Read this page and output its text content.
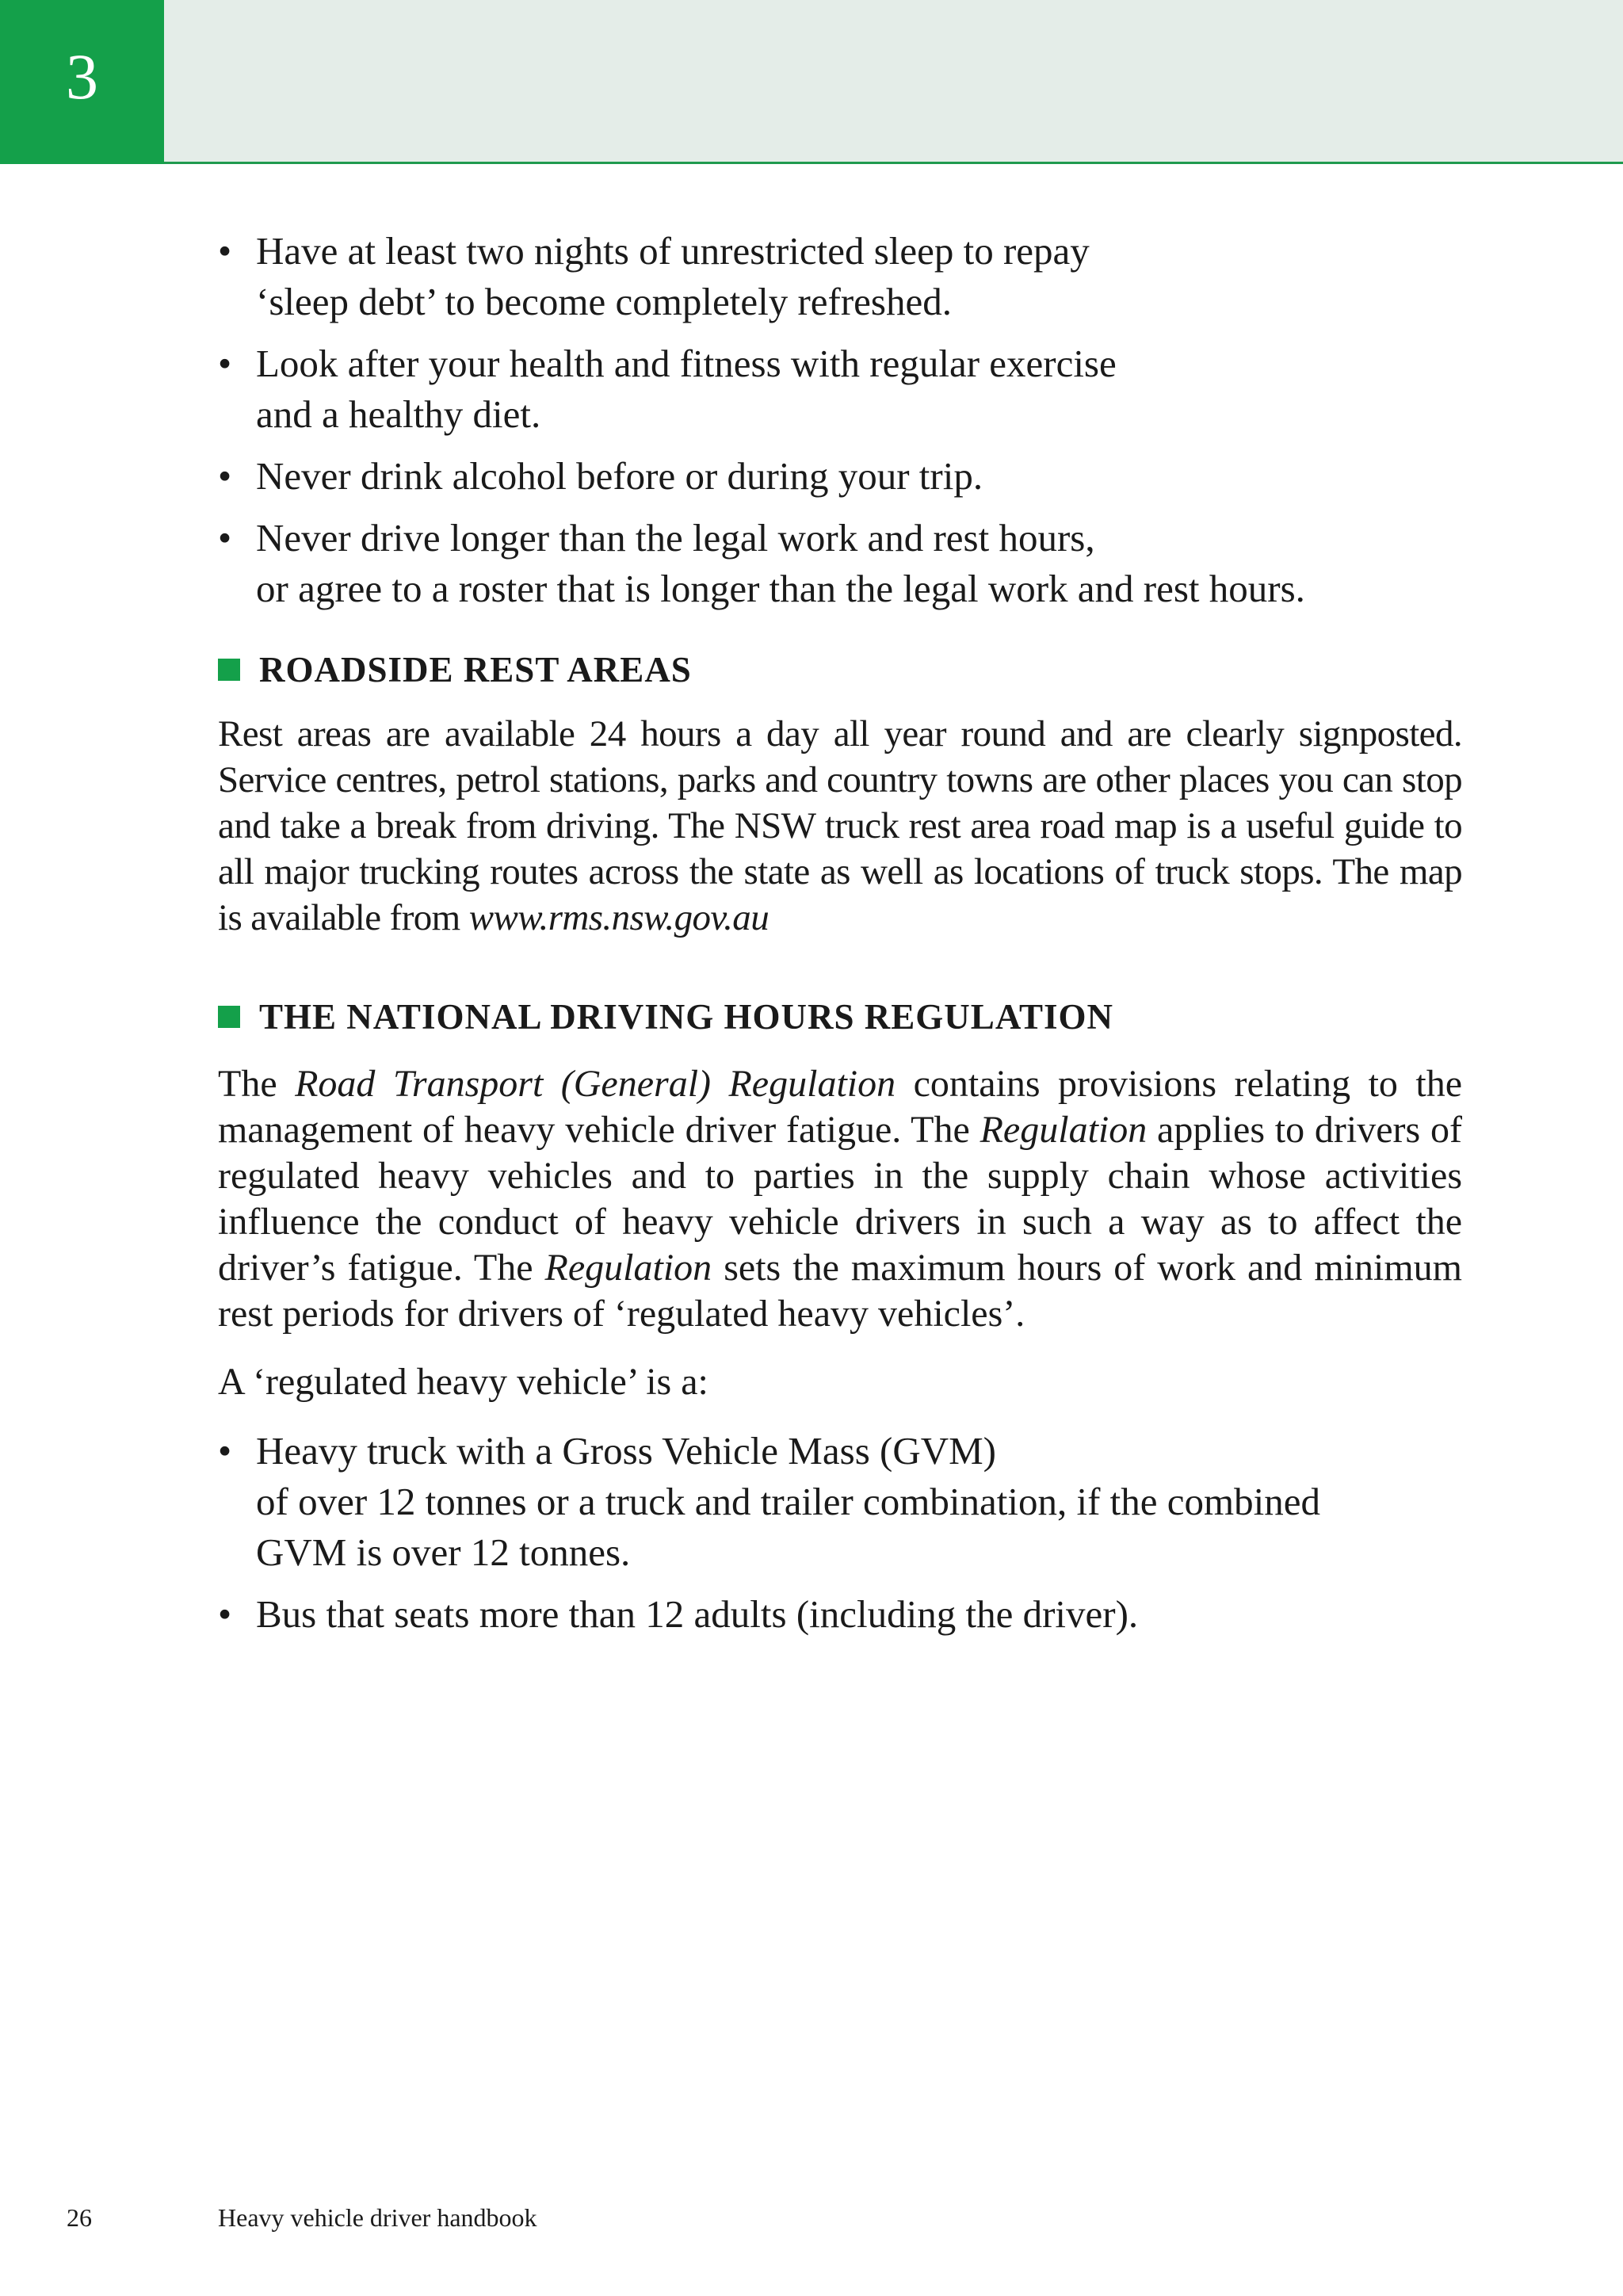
3
• Have at least two nights of unrestricted sleep to repay
‘sleep debt’ to become completely refreshed.
• Look after your health and fitness with regular exercise
and a healthy diet.
• Never drink alcohol before or during your trip.
• Never drive longer than the legal work and rest hours,
or agree to a roster that is longer than the legal work and rest hours.
ROADSIDE REST AREAS

Rest areas are available 24 hours a day all year round and are clearly signposted. Service centres, petrol stations, parks and country towns are other places you can stop and take a break from driving. The NSW truck rest area road map is a useful guide to all major trucking routes across the state as well as locations of truck stops. The map is available from www.rms.nsw.gov.au

THE NATIONAL DRIVING HOURS REGULATION

The Road Transport (General) Regulation contains provisions relating to the management of heavy vehicle driver fatigue. The Regulation applies to drivers of regulated heavy vehicles and to parties in the supply chain whose activities influence the conduct of heavy vehicle drivers in such a way as to affect the driver’s fatigue. The Regulation sets the maximum hours of work and minimum rest periods for drivers of ‘regulated heavy vehicles’.

A ‘regulated heavy vehicle’ is a:

• Heavy truck with a Gross Vehicle Mass (GVM)
of over 12 tonnes or a truck and trailer combination, if the combined
GVM is over 12 tonnes.
• Bus that seats more than 12 adults (including the driver).
26	Heavy vehicle driver handbook
